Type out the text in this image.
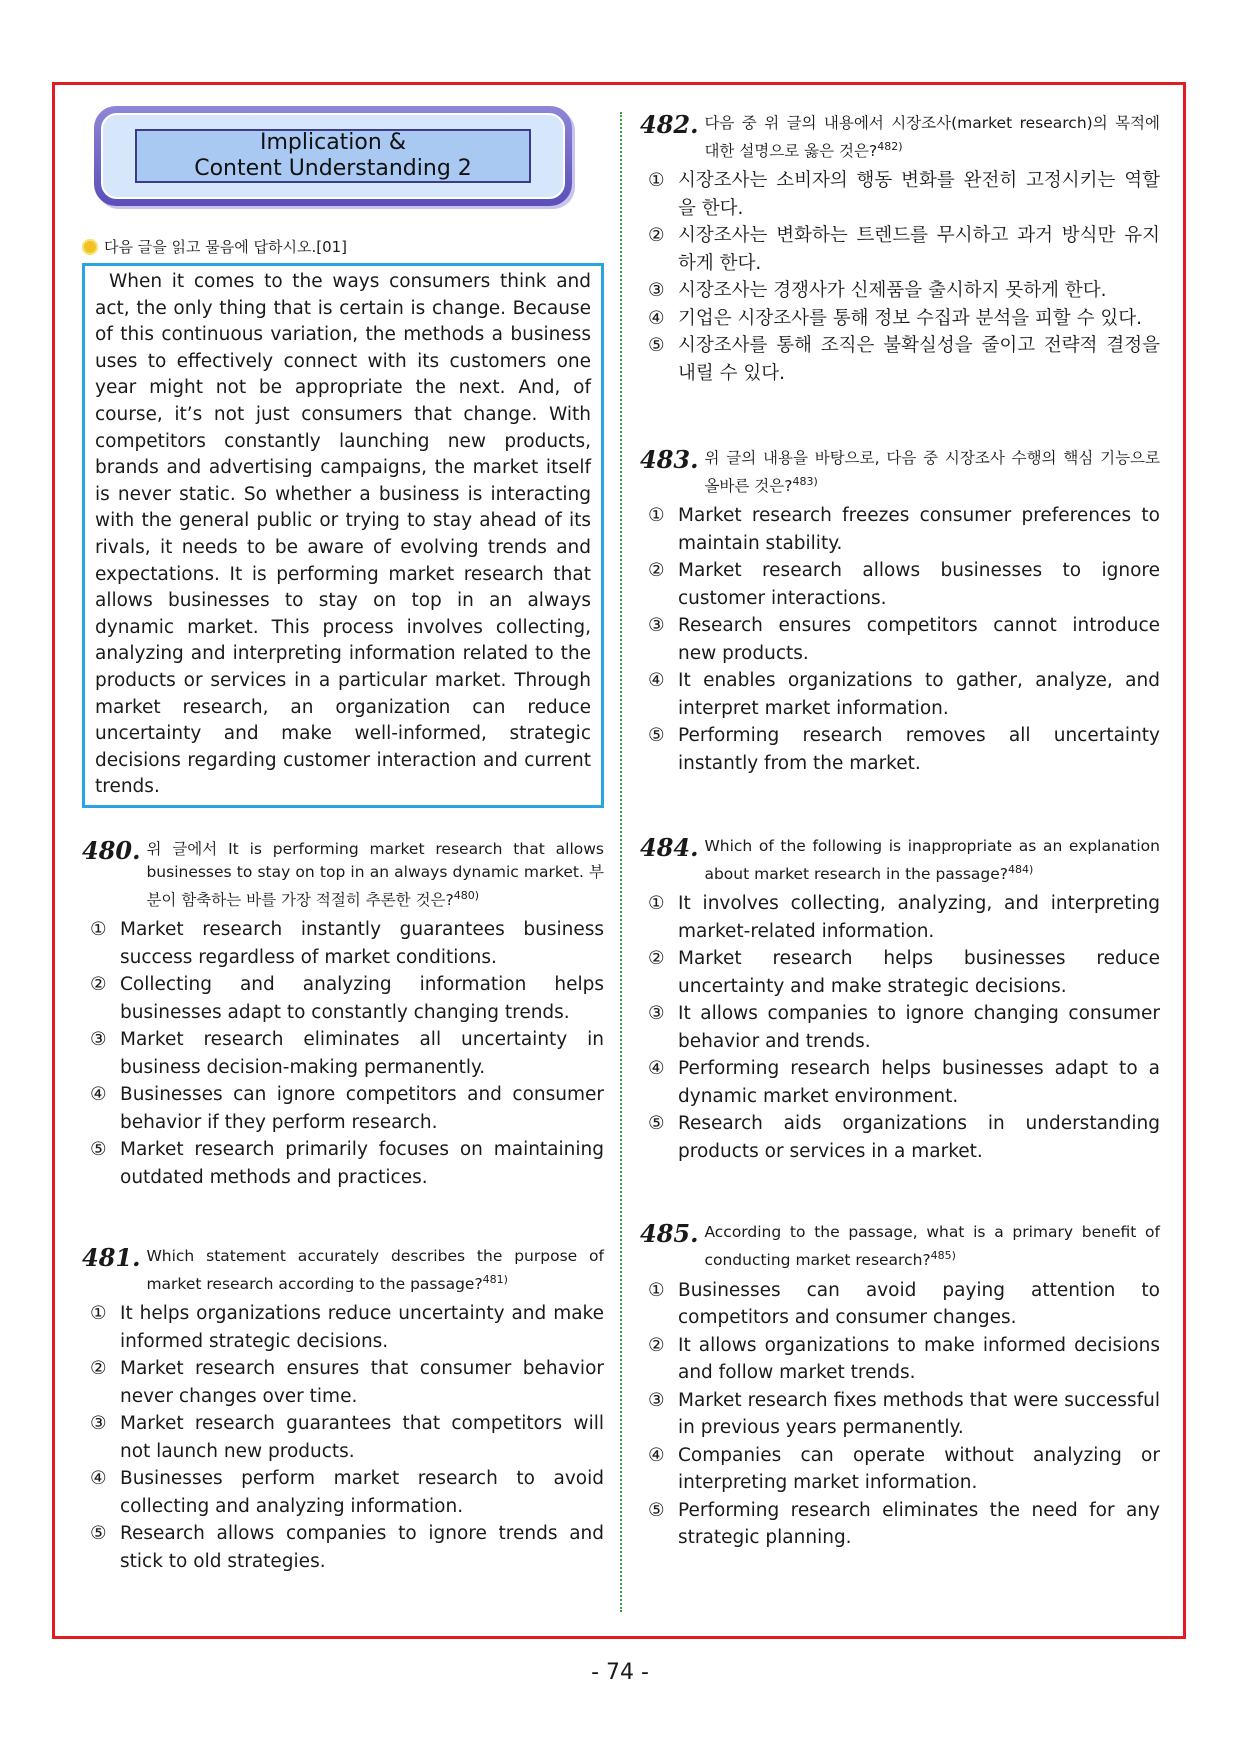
Implication &
Content Understanding 2
다음 글을 읽고 물음에 답하시오.[01]

When it comes to the ways consumers think and act, the only thing that is certain is change. Because of this continuous variation, the methods a business uses to effectively connect with its customers one year might not be appropriate the next. And, of course, it’s not just consumers that change. With competitors constantly launching new products, brands and advertising campaigns, the market itself is never static. So whether a business is interacting with the general public or trying to stay ahead of its rivals, it needs to be aware of evolving trends and expectations. It is performing market research that allows businesses to stay on top in an always dynamic market. This process involves collecting, analyzing and interpreting information related to the products or services in a particular market. Through market research, an organization can reduce uncertainty and make well-informed, strategic decisions regarding customer interaction and current trends.

480. 위 글에서 It is performing market research that allows businesses to stay on top in an always dynamic market. 부분이 함축하는 바를 가장 적절히 추론한 것은?$^{480)}$
① Market research instantly guarantees business success regardless of market conditions.
② Collecting and analyzing information helps businesses adapt to constantly changing trends.
③ Market research eliminates all uncertainty in business decision-making permanently.
④ Businesses can ignore competitors and consumer behavior if they perform research.
⑤ Market research primarily focuses on maintaining outdated methods and practices.
481. Which statement accurately describes the purpose of market research according to the passage?$^{481)}$
① It helps organizations reduce uncertainty and make informed strategic decisions.
② Market research ensures that consumer behavior never changes over time.
③ Market research guarantees that competitors will not launch new products.
④ Businesses perform market research to avoid collecting and analyzing information.
⑤ Research allows companies to ignore trends and stick to old strategies.
482. 다음 중 위 글의 내용에서 시장조사(market research)의 목적에 대한 설명으로 옳은 것은?$^{482)}$
① 시장조사는 소비자의 행동 변화를 완전히 고정시키는 역할을 한다.
② 시장조사는 변화하는 트렌드를 무시하고 과거 방식만 유지하게 한다.
③ 시장조사는 경쟁사가 신제품을 출시하지 못하게 한다.
④ 기업은 시장조사를 통해 정보 수집과 분석을 피할 수 있다.
⑤ 시장조사를 통해 조직은 불확실성을 줄이고 전략적 결정을 내릴 수 있다.
483. 위 글의 내용을 바탕으로, 다음 중 시장조사 수행의 핵심 기능으로 올바른 것은?$^{483)}$
① Market research freezes consumer preferences to maintain stability.
② Market research allows businesses to ignore customer interactions.
③ Research ensures competitors cannot introduce new products.
④ It enables organizations to gather, analyze, and interpret market information.
⑤ Performing research removes all uncertainty instantly from the market.
484. Which of the following is inappropriate as an explanation about market research in the passage?$^{484)}$
① It involves collecting, analyzing, and interpreting market-related information.
② Market research helps businesses reduce uncertainty and make strategic decisions.
③ It allows companies to ignore changing consumer behavior and trends.
④ Performing research helps businesses adapt to a dynamic market environment.
⑤ Research aids organizations in understanding products or services in a market.
485. According to the passage, what is a primary benefit of conducting market research?$^{485)}$
① Businesses can avoid paying attention to competitors and consumer changes.
② It allows organizations to make informed decisions and follow market trends.
③ Market research fixes methods that were successful in previous years permanently.
④ Companies can operate without analyzing or interpreting market information.
⑤ Performing research eliminates the need for any strategic planning.
- 74 -
